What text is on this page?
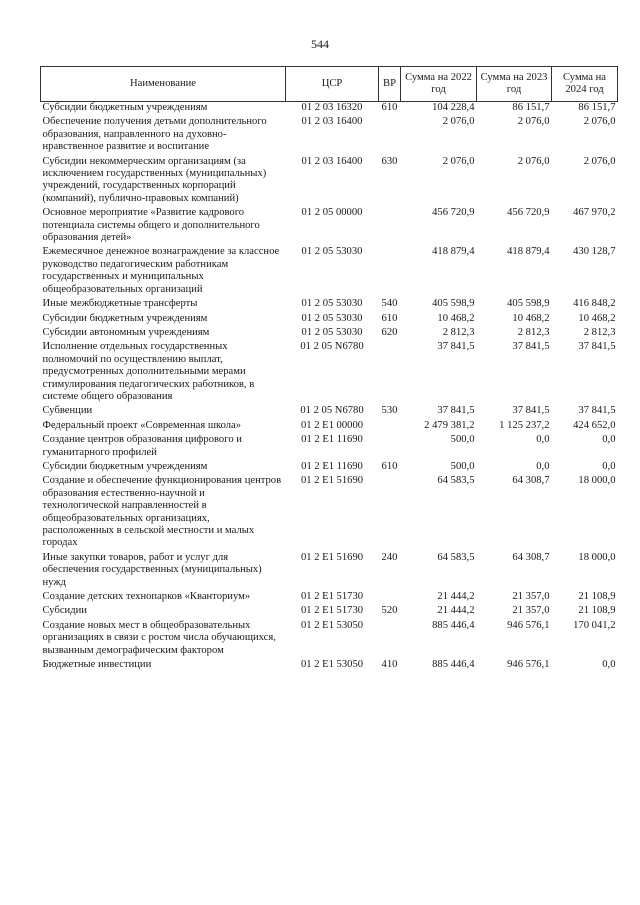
544
Наименование	ЦСР	ВР	Сумма на 2022 год	Сумма на 2023 год	Сумма на 2024 год
Субсидии бюджетным учреждениям	01 2 03 16320	610	104 228,4	86 151,7	86 151,7

Обеспечение получения детьми дополнительного образования, направленного на духовно-нравственное развитие и воспитание	01 2 03 16400		2 076,0	2 076,0	2 076,0

Субсидии некоммерческим организациям (за исключением государственных (муниципальных) учреждений, государственных корпораций (компаний), публично-правовых компаний)	01 2 03 16400	630	2 076,0	2 076,0	2 076,0

Основное мероприятие «Развитие кадрового потенциала системы общего и дополнительного образования детей»	01 2 05 00000		456 720,9	456 720,9	467 970,2

Ежемесячное денежное вознаграждение за классное руководство педагогическим работникам государственных и муниципальных общеобразовательных организаций	01 2 05 53030		418 879,4	418 879,4	430 128,7

Иные межбюджетные трансферты	01 2 05 53030	540	405 598,9	405 598,9	416 848,2

Субсидии бюджетным учреждениям	01 2 05 53030	610	10 468,2	10 468,2	10 468,2

Субсидии автономным учреждениям	01 2 05 53030	620	2 812,3	2 812,3	2 812,3

Исполнение отдельных государственных полномочий по осуществлению выплат, предусмотренных дополнительными мерами стимулирования педагогических работников, в системе общего образования	01 2 05 N6780		37 841,5	37 841,5	37 841,5

Субвенции	01 2 05 N6780	530	37 841,5	37 841,5	37 841,5

Федеральный проект «Современная школа»	01 2 E1 00000		2 479 381,2	1 125 237,2	424 652,0

Создание центров образования цифрового и гуманитарного профилей	01 2 E1 11690		500,0	0,0	0,0

Субсидии бюджетным учреждениям	01 2 E1 11690	610	500,0	0,0	0,0

Создание и обеспечение функционирования центров образования естественно-научной и технологической направленностей в общеобразовательных организациях, расположенных в сельской местности и малых городах	01 2 E1 51690		64 583,5	64 308,7	18 000,0

Иные закупки товаров, работ и услуг для обеспечения государственных (муниципальных) нужд	01 2 E1 51690	240	64 583,5	64 308,7	18 000,0

Создание детских технопарков «Кванториум»	01 2 E1 51730		21 444,2	21 357,0	21 108,9

Субсидии	01 2 E1 51730	520	21 444,2	21 357,0	21 108,9

Создание новых мест в общеобразовательных организациях в связи с ростом числа обучающихся, вызванным демографическим фактором	01 2 E1 53050		885 446,4	946 576,1	170 041,2

Бюджетные инвестиции	01 2 E1 53050	410	885 446,4	946 576,1	0,0
